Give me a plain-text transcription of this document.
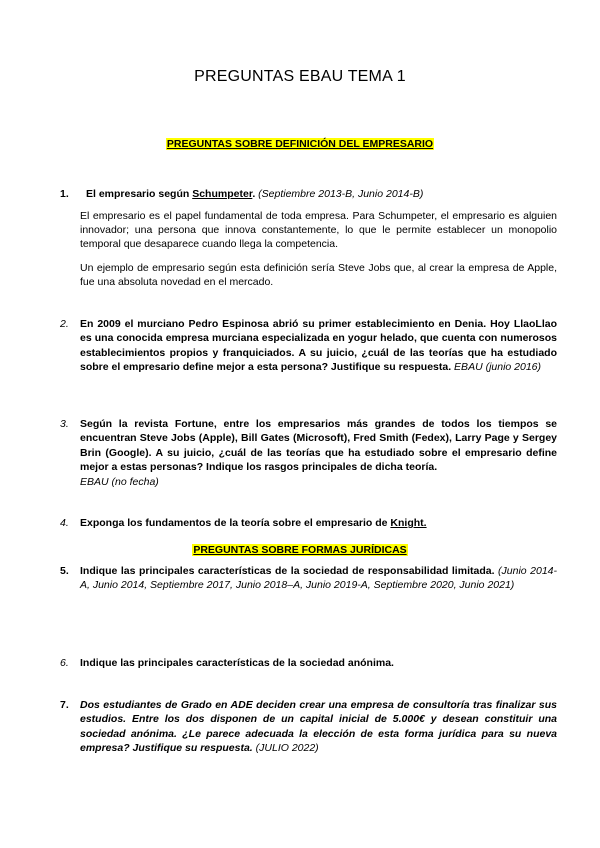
PREGUNTAS EBAU TEMA 1
PREGUNTAS SOBRE DEFINICIÓN DEL EMPRESARIO
1. El empresario según Schumpeter. (Septiembre 2013-B, Junio 2014-B)
El empresario es el papel fundamental de toda empresa. Para Schumpeter, el empresario es alguien innovador; una persona que innova constantemente, lo que le permite establecer un monopolio temporal que desaparece cuando llega la competencia.
Un ejemplo de empresario según esta definición sería Steve Jobs que, al crear la empresa de Apple, fue una absoluta novedad en el mercado.
2. En 2009 el murciano Pedro Espinosa abrió su primer establecimiento en Denia. Hoy LlaoLlao es una conocida empresa murciana especializada en yogur helado, que cuenta con numerosos establecimientos propios y franquiciados. A su juicio, ¿cuál de las teorías que ha estudiado sobre el empresario define mejor a esta persona? Justifique su respuesta. EBAU (junio 2016)
3. Según la revista Fortune, entre los empresarios más grandes de todos los tiempos se encuentran Steve Jobs (Apple), Bill Gates (Microsoft), Fred Smith (Fedex), Larry Page y Sergey Brin (Google). A su juicio, ¿cuál de las teorías que ha estudiado sobre el empresario define mejor a estas personas? Indique los rasgos principales de dicha teoría.
EBAU (no fecha)
4. Exponga los fundamentos de la teoría sobre el empresario de Knight.
PREGUNTAS SOBRE FORMAS JURÍDICAS
5. Indique las principales características de la sociedad de responsabilidad limitada. (Junio 2014-A, Junio 2014, Septiembre 2017, Junio 2018–A, Junio 2019-A, Septiembre 2020, Junio 2021)
6. Indique las principales características de la sociedad anónima.
7. Dos estudiantes de Grado en ADE deciden crear una empresa de consultoría tras finalizar sus estudios. Entre los dos disponen de un capital inicial de 5.000€ y desean constituir una sociedad anónima. ¿Le parece adecuada la elección de esta forma jurídica para su nueva empresa? Justifique su respuesta. (JULIO 2022)
